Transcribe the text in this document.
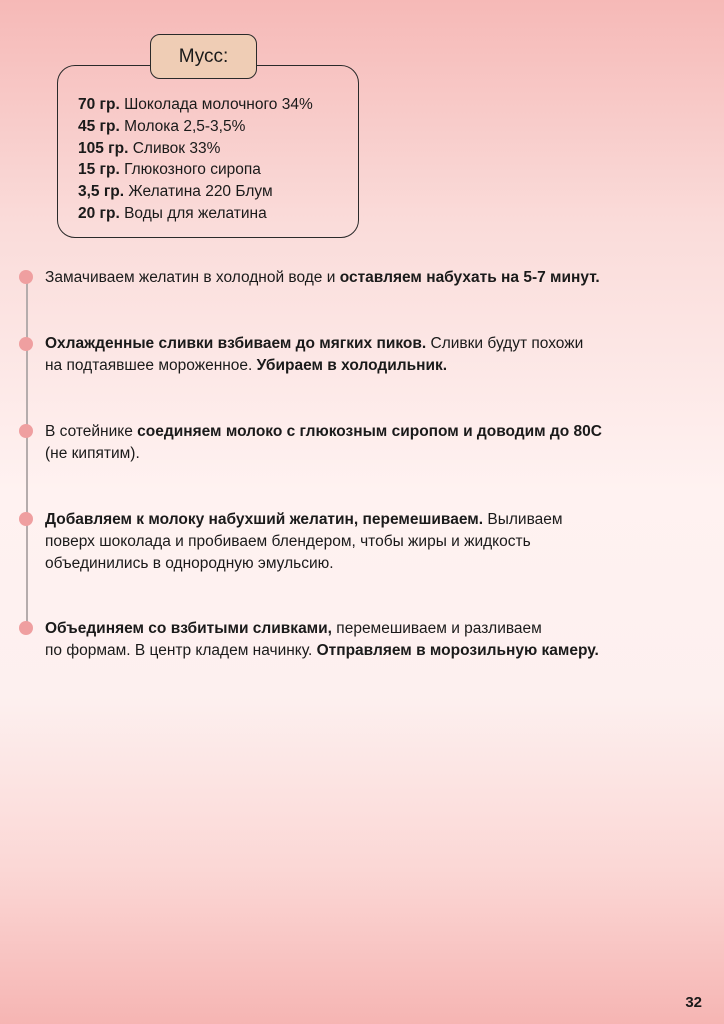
Мусс:
70 гр. Шоколада молочного 34%
45 гр. Молока 2,5-3,5%
105 гр. Сливок 33%
15 гр. Глюкозного сиропа
3,5 гр. Желатина 220 Блум
20 гр. Воды для желатина
Замачиваем желатин в холодной воде и оставляем набухать на 5-7 минут.
Охлажденные сливки взбиваем до мягких пиков. Сливки будут похожи
на подтаявшее мороженное. Убираем в холодильник.
В сотейнике соединяем молоко с глюкозным сиропом и доводим до 80С
(не кипятим).
Добавляем к молоку набухший желатин, перемешиваем. Выливаем
поверх шоколада и пробиваем блендером, чтобы жиры и жидкость
объединились в однородную эмульсию.
Объединяем со взбитыми сливками, перемешиваем и разливаем
по формам. В центр кладем начинку. Отправляем в морозильную камеру.
32
